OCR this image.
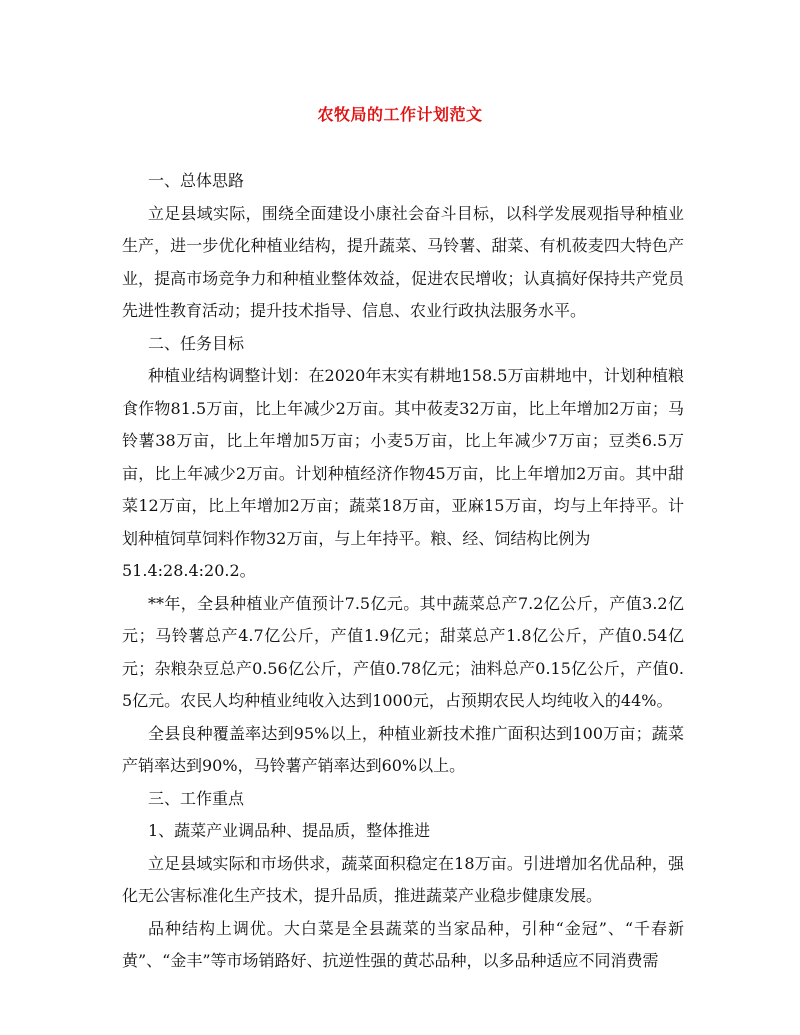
农牧局的工作计划范文

一、总体思路

立足县域实际，围绕全面建设小康社会奋斗目标，以科学发展观指导种植业生产，进一步优化种植业结构，提升蔬菜、马铃薯、甜菜、有机莜麦四大特色产业，提高市场竞争力和种植业整体效益，促进农民增收；认真搞好保持共产党员先进性教育活动；提升技术指导、信息、农业行政执法服务水平。

二、任务目标

种植业结构调整计划：在2020年末实有耕地158.5万亩耕地中，计划种植粮食作物81.5万亩，比上年减少2万亩。其中莜麦32万亩，比上年增加2万亩；马铃薯38万亩，比上年增加5万亩；小麦5万亩，比上年减少7万亩；豆类6.5万亩，比上年减少2万亩。计划种植经济作物45万亩，比上年增加2万亩。其中甜菜12万亩，比上年增加2万亩；蔬菜18万亩，亚麻15万亩，均与上年持平。计划种植饲草饲料作物32万亩，与上年持平。粮、经、饲结构比例为

51.4:28.4:20.2。

**年，全县种植业产值预计7.5亿元。其中蔬菜总产7.2亿公斤，产值3.2亿元；马铃薯总产4.7亿公斤，产值1.9亿元；甜菜总产1.8亿公斤，产值0.54亿元；杂粮杂豆总产0.56亿公斤，产值0.78亿元；油料总产0.15亿公斤，产值0.5亿元。农民人均种植业纯收入达到1000元，占预期农民人均纯收入的44%。

全县良种覆盖率达到95%以上，种植业新技术推广面积达到100万亩；蔬菜产销率达到90%，马铃薯产销率达到60%以上。

三、工作重点

1、蔬菜产业调品种、提品质，整体推进

立足县域实际和市场供求，蔬菜面积稳定在18万亩。引进增加名优品种，强化无公害标准化生产技术，提升品质，推进蔬菜产业稳步健康发展。

品种结构上调优。大白菜是全县蔬菜的当家品种，引种“金冠”、“千春新黄”、“金丰”等市场销路好、抗逆性强的黄芯品种，以多品种适应不同消费需
